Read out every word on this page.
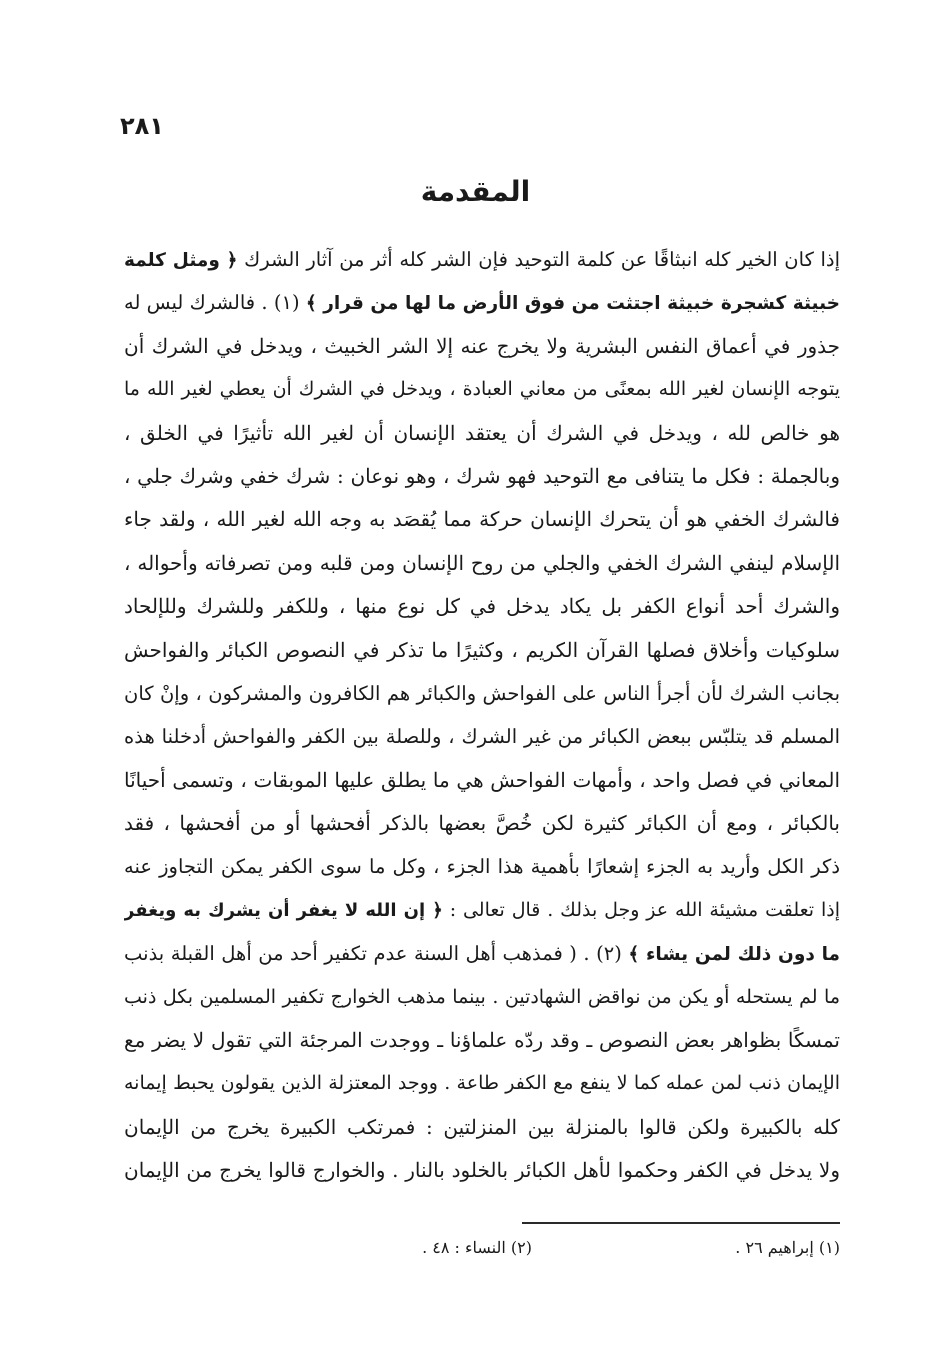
٢٨١
المقدمة
إذا كان الخير كله انبثاقًا عن كلمة التوحيد فإن الشر كله أثر من آثار الشرك ﴿ ومثل كلمة
خبيثة كشجرة خبيثة اجتثت من فوق الأرض ما لها من قرار ﴾ (١) . فالشرك ليس له
جذور في أعماق النفس البشرية ولا يخرج عنه إلا الشر الخبيث ، ويدخل في الشرك أن
يتوجه الإنسان لغير الله بمعنًى من معاني العبادة ، ويدخل في الشرك أن يعطي لغير الله ما
هو خالص لله ، ويدخل في الشرك أن يعتقد الإنسان أن لغير الله تأثيرًا في الخلق ،
وبالجملة : فكل ما يتنافى مع التوحيد فهو شرك ، وهو نوعان : شرك خفي وشرك جلي ،
فالشرك الخفي هو أن يتحرك الإنسان حركة مما يُقصَد به وجه الله لغير الله ، ولقد جاء
الإسلام لينفي الشرك الخفي والجلي من روح الإنسان ومن قلبه ومن تصرفاته وأحواله ،
والشرك أحد أنواع الكفر بل يكاد يدخل في كل نوع منها ، وللكفر وللشرك وللإلحاد
سلوكيات وأخلاق فصلها القرآن الكريم ، وكثيرًا ما تذكر في النصوص الكبائر والفواحش
بجانب الشرك لأن أجرأ الناس على الفواحش والكبائر هم الكافرون والمشركون ، وإنْ كان
المسلم قد يتلبّس ببعض الكبائر من غير الشرك ، وللصلة بين الكفر والفواحش أدخلنا هذه
المعاني في فصل واحد ، وأمهات الفواحش هي ما يطلق عليها الموبقات ، وتسمى أحيانًا
بالكبائر ، ومع أن الكبائر كثيرة لكن خُصَّ بعضها بالذكر أفحشها أو من أفحشها ، فقد
ذكر الكل وأريد به الجزء إشعارًا بأهمية هذا الجزء ، وكل ما سوى الكفر يمكن التجاوز عنه
إذا تعلقت مشيئة الله عز وجل بذلك . قال تعالى : ﴿ إن الله لا يغفر أن يشرك به ويغفر
ما دون ذلك لمن يشاء ﴾ (٢) . ( فمذهب أهل السنة عدم تكفير أحد من أهل القبلة بذنب
ما لم يستحله أو يكن من نواقض الشهادتين . بينما مذهب الخوارج تكفير المسلمين بكل ذنب
تمسكًا بظواهر بعض النصوص ـ وقد ردّه علماؤنا ـ ووجدت المرجئة التي تقول لا يضر مع
الإيمان ذنب لمن عمله كما لا ينفع مع الكفر طاعة . ووجد المعتزلة الذين يقولون يحبط إيمانه
كله بالكبيرة ولكن قالوا بالمنزلة بين المنزلتين : فمرتكب الكبيرة يخرج من الإيمان
ولا يدخل في الكفر وحكموا لأهل الكبائر بالخلود بالنار . والخوارج قالوا يخرج من الإيمان
(١) إبراهيم ٢٦ .
(٢) النساء : ٤٨ .
